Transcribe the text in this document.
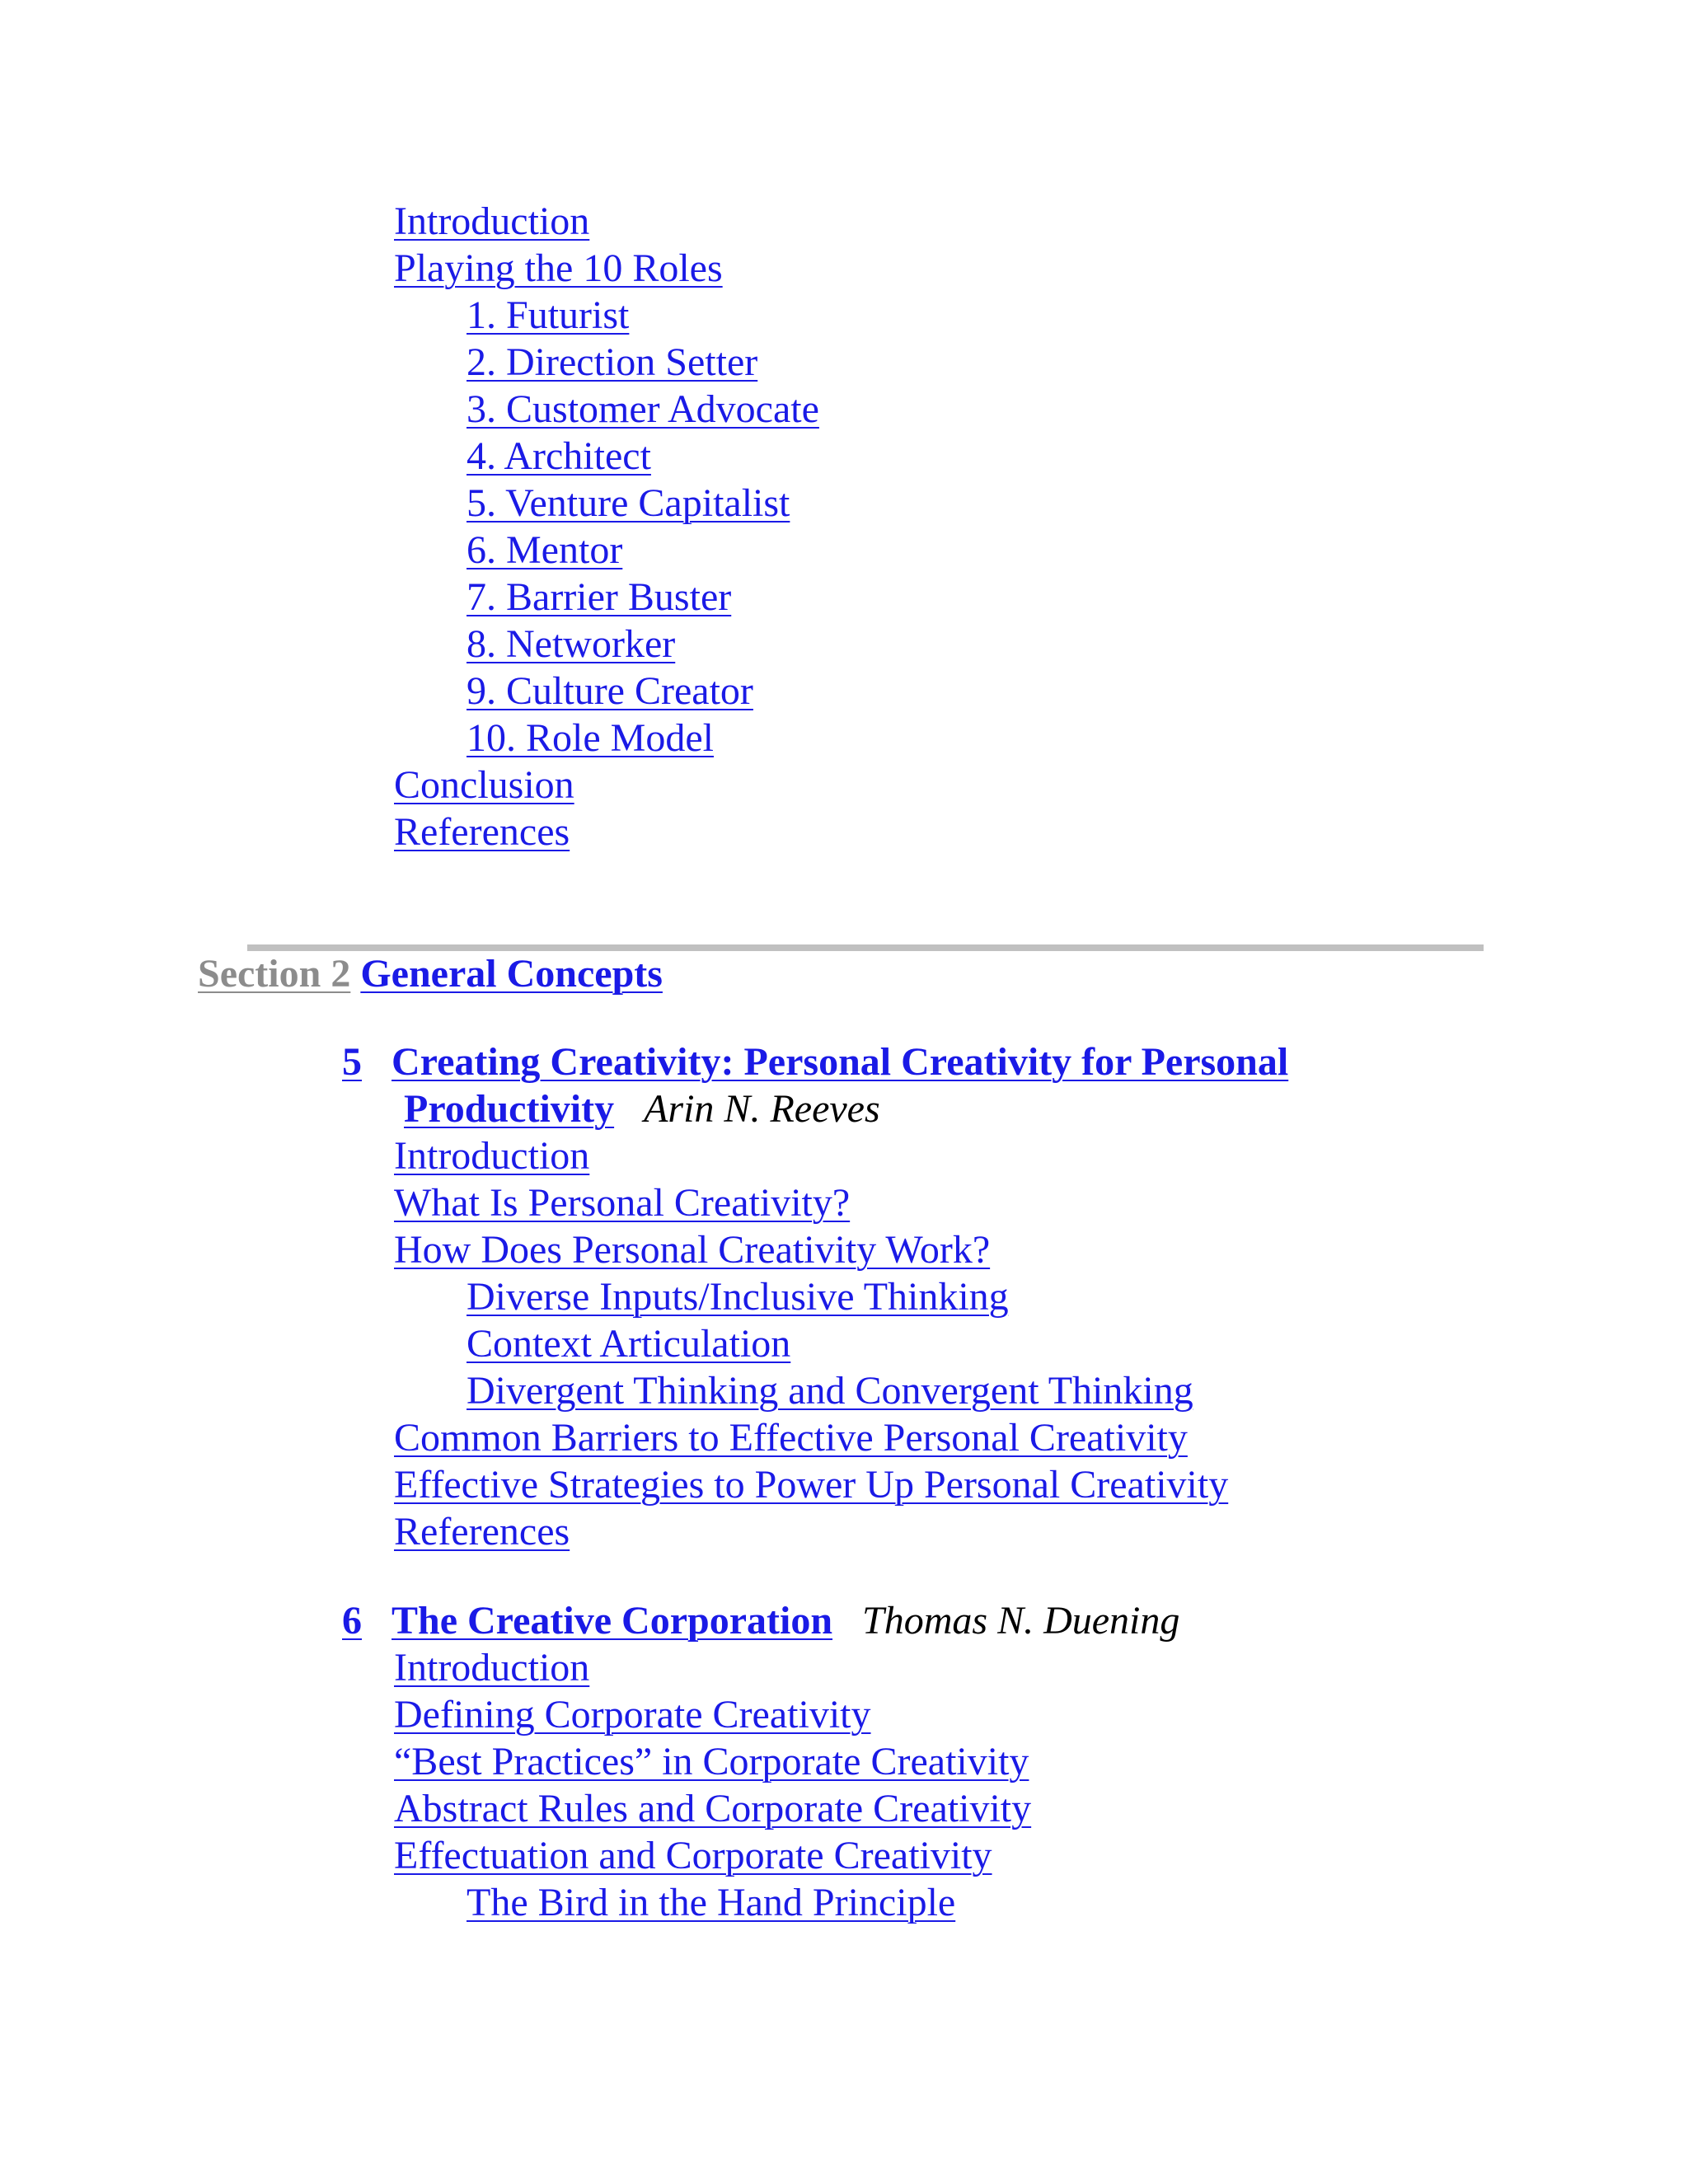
Introduction

Playing the 10 Roles

1. Futurist

2. Direction Setter

3. Customer Advocate

4. Architect

5. Venture Capitalist

6. Mentor

7. Barrier Buster

8. Networker

9. Culture Creator

10. Role Model

Conclusion

References

Section 2 General Concepts

5 Creating Creativity: Personal Creativity for Personal

Productivity Arin N. Reeves

Introduction

What Is Personal Creativity?

How Does Personal Creativity Work?

Diverse Inputs/Inclusive Thinking

Context Articulation

Divergent Thinking and Convergent Thinking

Common Barriers to Effective Personal Creativity

Effective Strategies to Power Up Personal Creativity

References

6 The Creative Corporation Thomas N. Duening

Introduction

Defining Corporate Creativity

“Best Practices” in Corporate Creativity

Abstract Rules and Corporate Creativity

Effectuation and Corporate Creativity

The Bird in the Hand Principle
